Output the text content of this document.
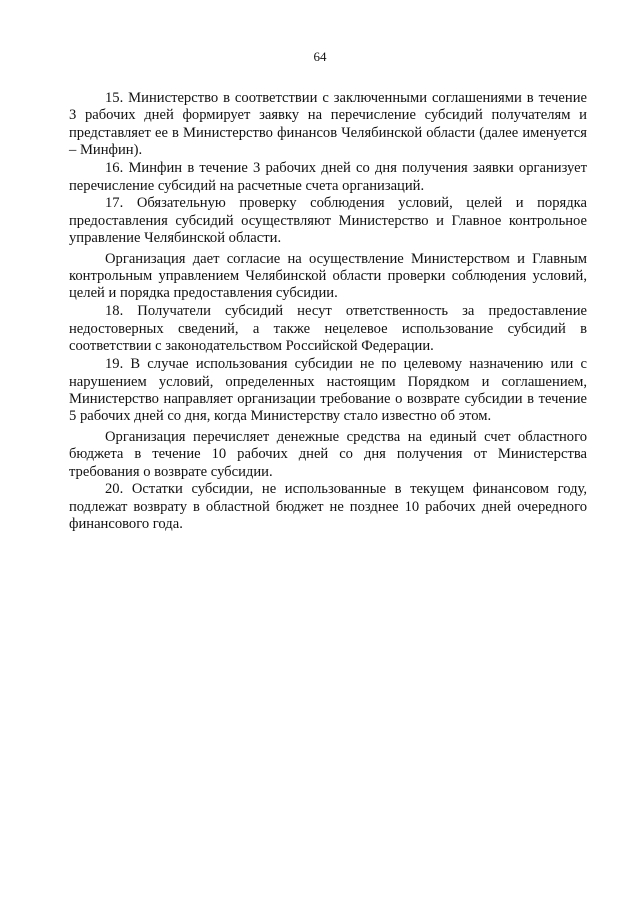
64

15. Министерство в соответствии с заключенными соглашениями в течение 3 рабочих дней формирует заявку на перечисление субсидий получателям и представляет ее в Министерство финансов Челябинской области (далее именуется – Минфин).

16. Минфин в течение 3 рабочих дней со дня получения заявки организует перечисление субсидий на расчетные счета организаций.

17. Обязательную проверку соблюдения условий, целей и порядка предоставления субсидий осуществляют Министерство и Главное контрольное управление Челябинской области.

Организация дает согласие на осуществление Министерством и Главным контрольным управлением Челябинской области проверки соблюдения условий, целей и порядка предоставления субсидии.

18. Получатели субсидий несут ответственность за предоставление недостоверных сведений, а также нецелевое использование субсидий в соответствии с законодательством Российской Федерации.

19. В случае использования субсидии не по целевому назначению или с нарушением условий, определенных настоящим Порядком и соглашением, Министерство направляет организации требование о возврате субсидии в течение 5 рабочих дней со дня, когда Министерству стало известно об этом.

Организация перечисляет денежные средства на единый счет областного бюджета в течение 10 рабочих дней со дня получения от Министерства требования о возврате субсидии.

20. Остатки субсидии, не использованные в текущем финансовом году, подлежат возврату в областной бюджет не позднее 10 рабочих дней очередного финансового года.
